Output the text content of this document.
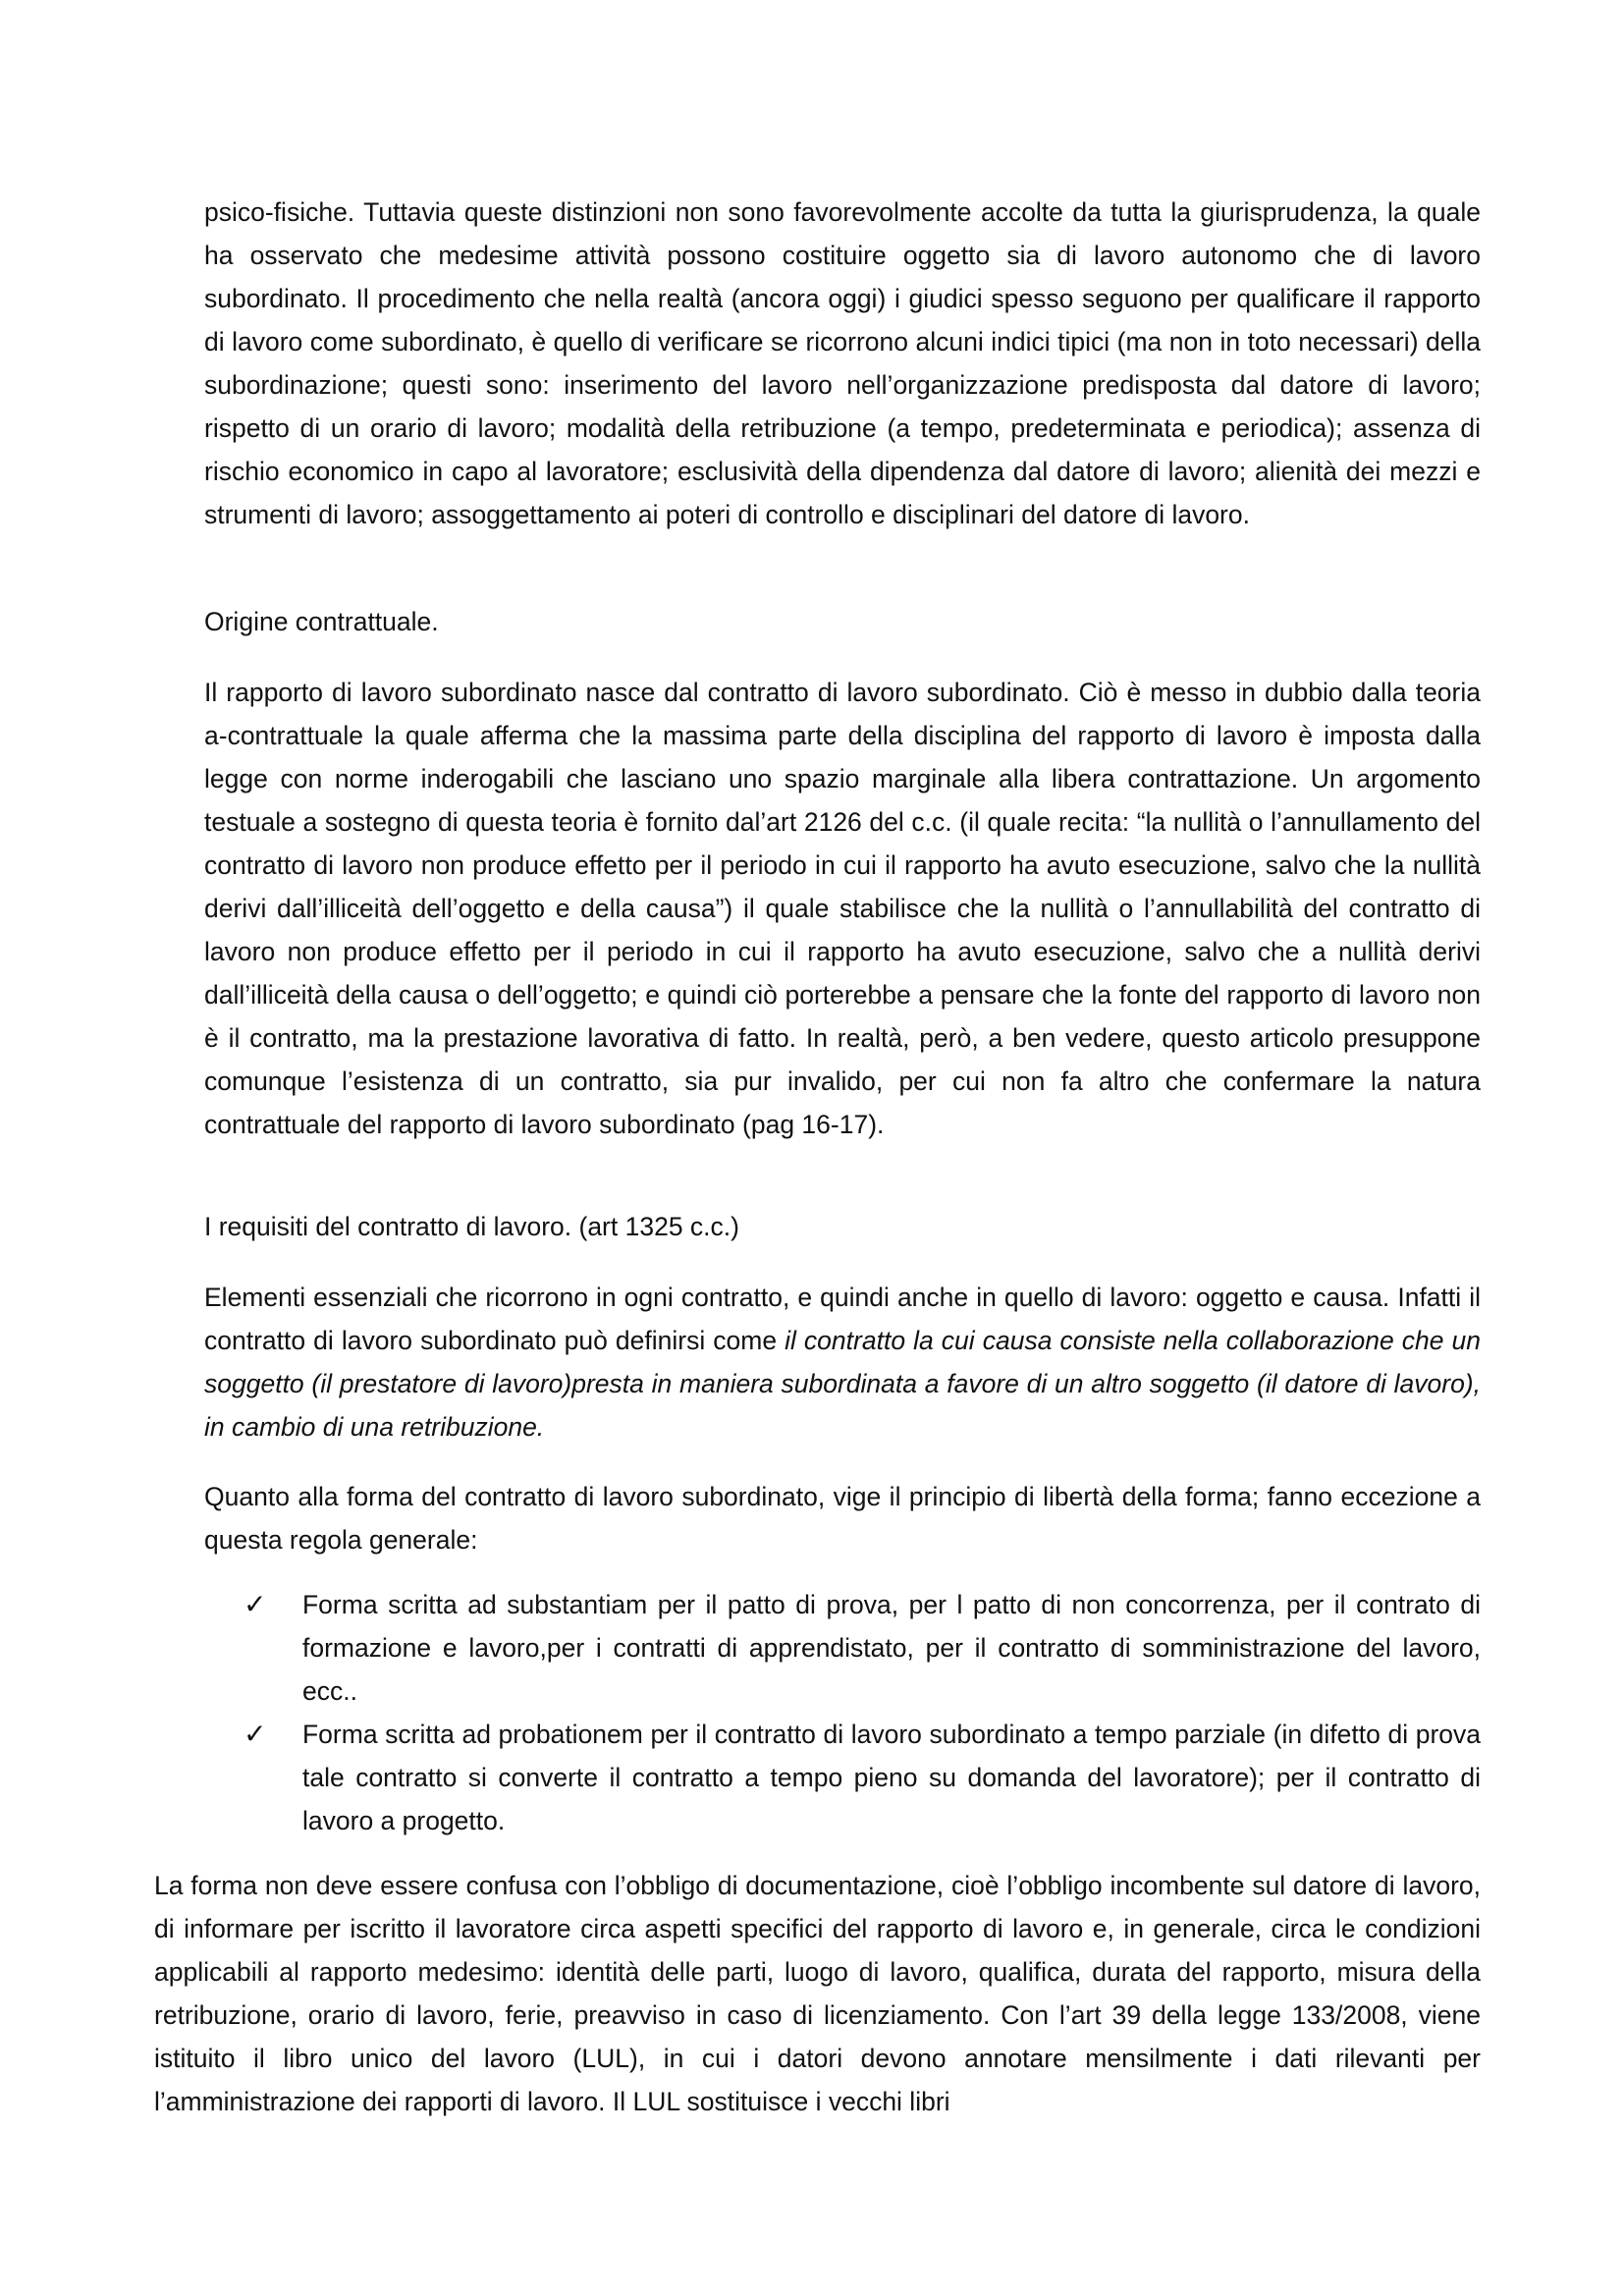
psico-fisiche. Tuttavia queste distinzioni non sono favorevolmente accolte da tutta la giurisprudenza, la quale ha osservato che medesime attività possono costituire oggetto sia di lavoro autonomo che di lavoro subordinato. Il procedimento che nella realtà (ancora oggi) i giudici spesso seguono per qualificare il rapporto di lavoro come subordinato, è quello di verificare se ricorrono alcuni indici tipici (ma non in toto necessari) della subordinazione; questi sono: inserimento del lavoro nell’organizzazione predisposta dal datore di lavoro; rispetto di un orario di lavoro; modalità della retribuzione (a tempo, predeterminata e periodica); assenza di rischio economico in capo al lavoratore; esclusività della dipendenza dal datore di lavoro; alienità dei mezzi e strumenti di lavoro; assoggettamento ai poteri di controllo e disciplinari del datore di lavoro.

Origine contrattuale.

Il rapporto di lavoro subordinato nasce dal contratto di lavoro subordinato. Ciò è messo in dubbio dalla teoria a-contrattuale la quale afferma che la massima parte della disciplina del rapporto di lavoro è imposta dalla legge con norme inderogabili che lasciano uno spazio marginale alla libera contrattazione. Un argomento testuale a sostegno di questa teoria è fornito dal’art 2126 del c.c. (il quale recita: “la nullità o l’annullamento del contratto di lavoro non produce effetto per il periodo in cui il rapporto ha avuto esecuzione, salvo che la nullità derivi dall’illiceità dell’oggetto e della causa”) il quale stabilisce che la nullità o l’annullabilità del contratto di lavoro non produce effetto per il periodo in cui il rapporto ha avuto esecuzione, salvo che a nullità derivi dall’illiceità della causa o dell’oggetto; e quindi ciò porterebbe a pensare che la fonte del rapporto di lavoro non è il contratto, ma la prestazione lavorativa di fatto. In realtà, però, a ben vedere, questo articolo presuppone comunque l’esistenza di un contratto, sia pur invalido, per cui non fa altro che confermare la natura contrattuale del rapporto di lavoro subordinato (pag 16-17).

I requisiti del contratto di lavoro. (art 1325 c.c.)

Elementi essenziali che ricorrono in ogni contratto, e quindi anche in quello di lavoro: oggetto e causa. Infatti il contratto di lavoro subordinato può definirsi come il contratto la cui causa consiste nella collaborazione che un soggetto (il prestatore di lavoro)presta in maniera subordinata a favore di un altro soggetto (il datore di lavoro), in cambio di una retribuzione.

Quanto alla forma del contratto di lavoro subordinato, vige il principio di libertà della forma; fanno eccezione a questa regola generale:

✓ Forma scritta ad substantiam per il patto di prova, per l patto di non concorrenza, per il contrato di formazione e lavoro,per i contratti di apprendistato, per il contratto di somministrazione del lavoro, ecc..
✓ Forma scritta ad probationem per il contratto di lavoro subordinato a tempo parziale (in difetto di prova tale contratto si converte il contratto a tempo pieno su domanda del lavoratore); per il contratto di lavoro a progetto.

La forma non deve essere confusa con l’obbligo di documentazione, cioè l’obbligo incombente sul datore di lavoro, di informare per iscritto il lavoratore circa aspetti specifici del rapporto di lavoro e, in generale, circa le condizioni applicabili al rapporto medesimo: identità delle parti, luogo di lavoro, qualifica, durata del rapporto, misura della retribuzione, orario di lavoro, ferie, preavviso in caso di licenziamento. Con l’art 39 della legge 133/2008, viene istituito il libro unico del lavoro (LUL), in cui i datori devono annotare mensilmente i dati rilevanti per l’amministrazione dei rapporti di lavoro. Il LUL sostituisce i vecchi libri
